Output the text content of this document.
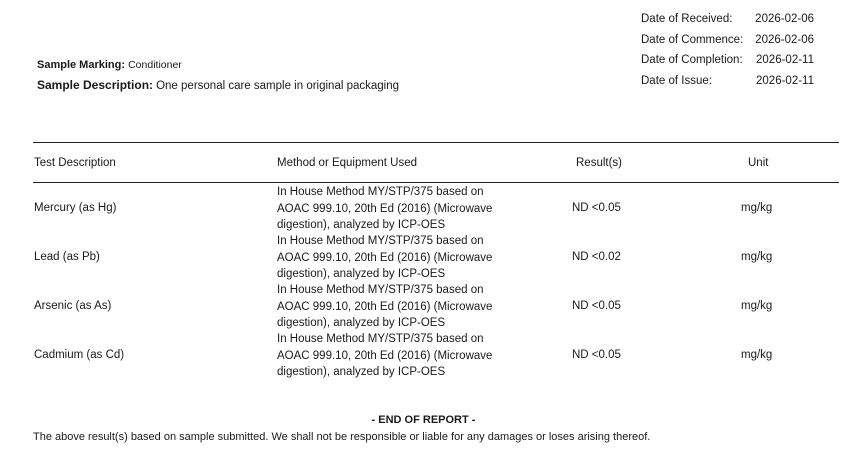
Date of Received: 2026-02-06
Date of Commence: 2026-02-06
Date of Completion: 2026-02-11
Date of Issue:	2026-02-11
Sample Marking: Conditioner
Sample Description: One personal care sample in original packaging
Test Description	Method or Equipment Used	Result(s)	Unit
Mercury (as Hg)
In House Method MY/STP/375 based on
AOAC 999.10, 20th Ed (2016) (Microwave
digestion), analyzed by ICP-OES
ND <0.05	mg/kg
Lead (as Pb)
In House Method MY/STP/375 based on
AOAC 999.10, 20th Ed (2016) (Microwave
digestion), analyzed by ICP-OES
ND <0.02	mg/kg
Arsenic (as As)
In House Method MY/STP/375 based on
AOAC 999.10, 20th Ed (2016) (Microwave
digestion), analyzed by ICP-OES
ND <0.05	mg/kg
Cadmium (as Cd)
In House Method MY/STP/375 based on
AOAC 999.10, 20th Ed (2016) (Microwave
digestion), analyzed by ICP-OES
ND <0.05	mg/kg
- END OF REPORT -
The above result(s) based on sample submitted. We shall not be responsible or liable for any damages or loses arising thereof.
